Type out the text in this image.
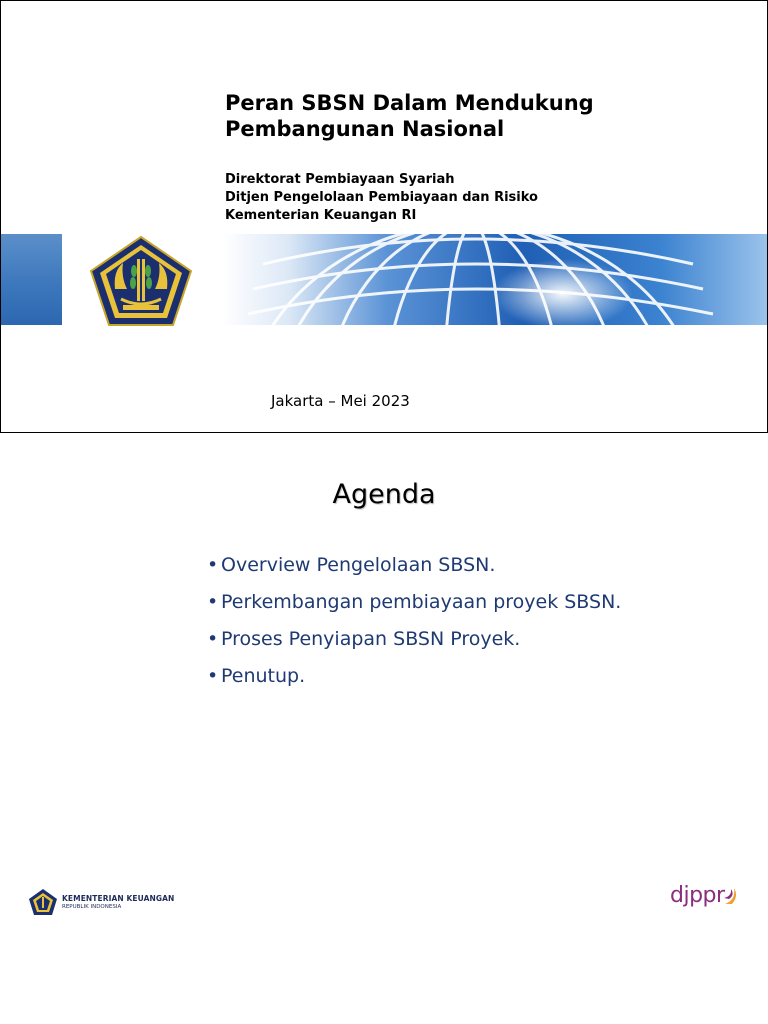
Peran SBSN Dalam Mendukung
Pembangunan Nasional
Direktorat Pembiayaan Syariah
Ditjen Pengelolaan Pembiayaan dan Risiko
Kementerian Keuangan RI
Jakarta – Mei 2023
Agenda
• Overview Pengelolaan SBSN.
• Perkembangan pembiayaan proyek SBSN.
• Proses Penyiapan SBSN Proyek.
• Penutup.
KEMENTERIAN KEUANGAN
REPUBLIK INDONESIA	djppr
